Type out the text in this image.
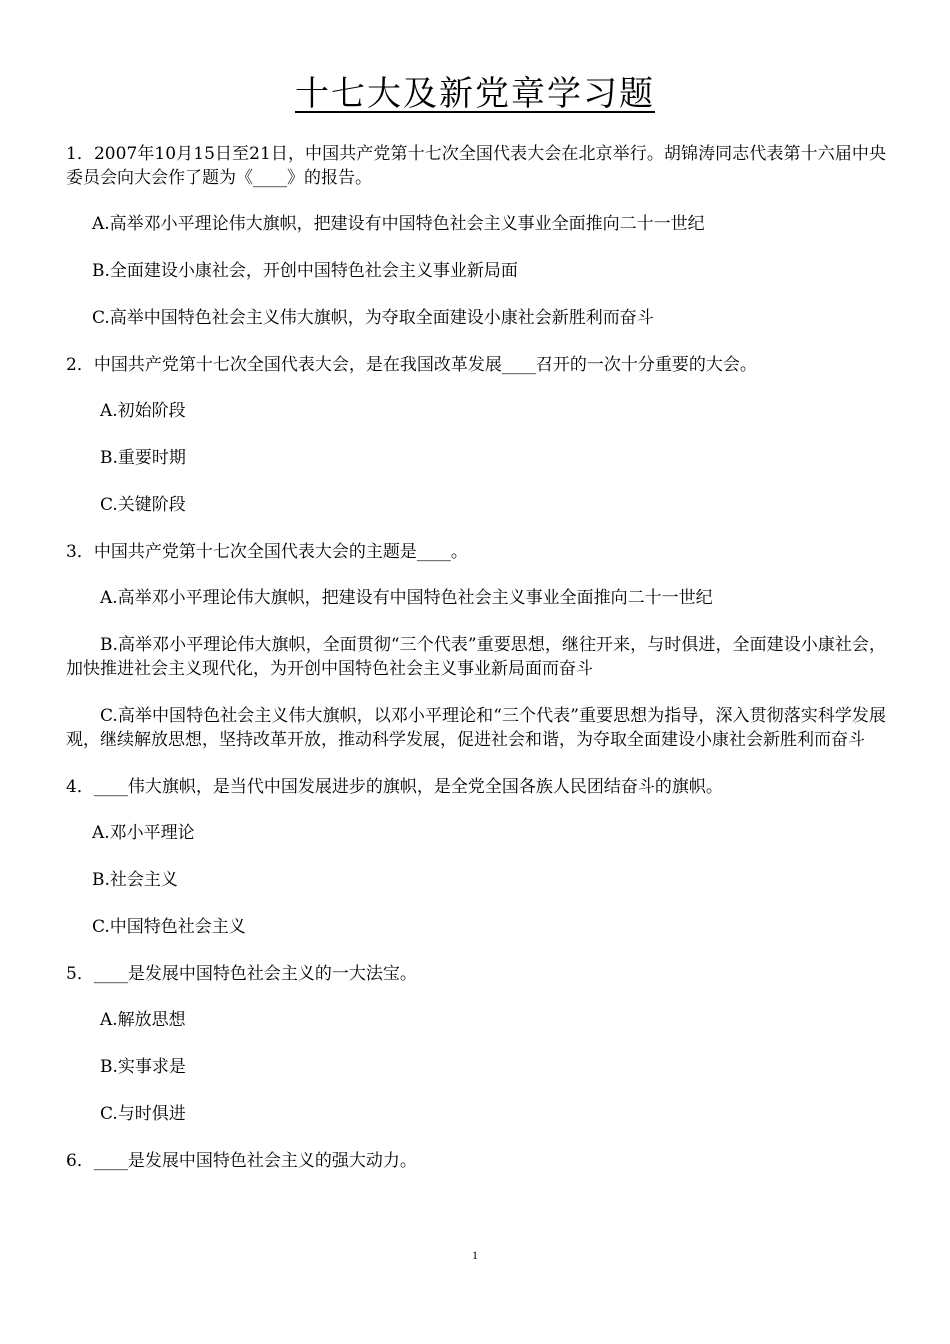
十七大及新党章学习题

1．2007年10月15日至21日，中国共产党第十七次全国代表大会在北京举行。胡锦涛同志代表第十六届中央委员会向大会作了题为《____》的报告。

A.高举邓小平理论伟大旗帜，把建设有中国特色社会主义事业全面推向二十一世纪

B.全面建设小康社会，开创中国特色社会主义事业新局面

C.高举中国特色社会主义伟大旗帜，为夺取全面建设小康社会新胜利而奋斗

2．中国共产党第十七次全国代表大会，是在我国改革发展____召开的一次十分重要的大会。

A.初始阶段

B.重要时期

C.关键阶段

3．中国共产党第十七次全国代表大会的主题是____。

A.高举邓小平理论伟大旗帜，把建设有中国特色社会主义事业全面推向二十一世纪

B.高举邓小平理论伟大旗帜，全面贯彻“三个代表”重要思想，继往开来，与时俱进，全面建设小康社会，加快推进社会主义现代化，为开创中国特色社会主义事业新局面而奋斗

C.高举中国特色社会主义伟大旗帜，以邓小平理论和“三个代表”重要思想为指导，深入贯彻落实科学发展观，继续解放思想，坚持改革开放，推动科学发展，促进社会和谐，为夺取全面建设小康社会新胜利而奋斗

4．____伟大旗帜，是当代中国发展进步的旗帜，是全党全国各族人民团结奋斗的旗帜。

A.邓小平理论

B.社会主义

C.中国特色社会主义

5．____是发展中国特色社会主义的一大法宝。

A.解放思想

B.实事求是

C.与时俱进

6．____是发展中国特色社会主义的强大动力。

1
